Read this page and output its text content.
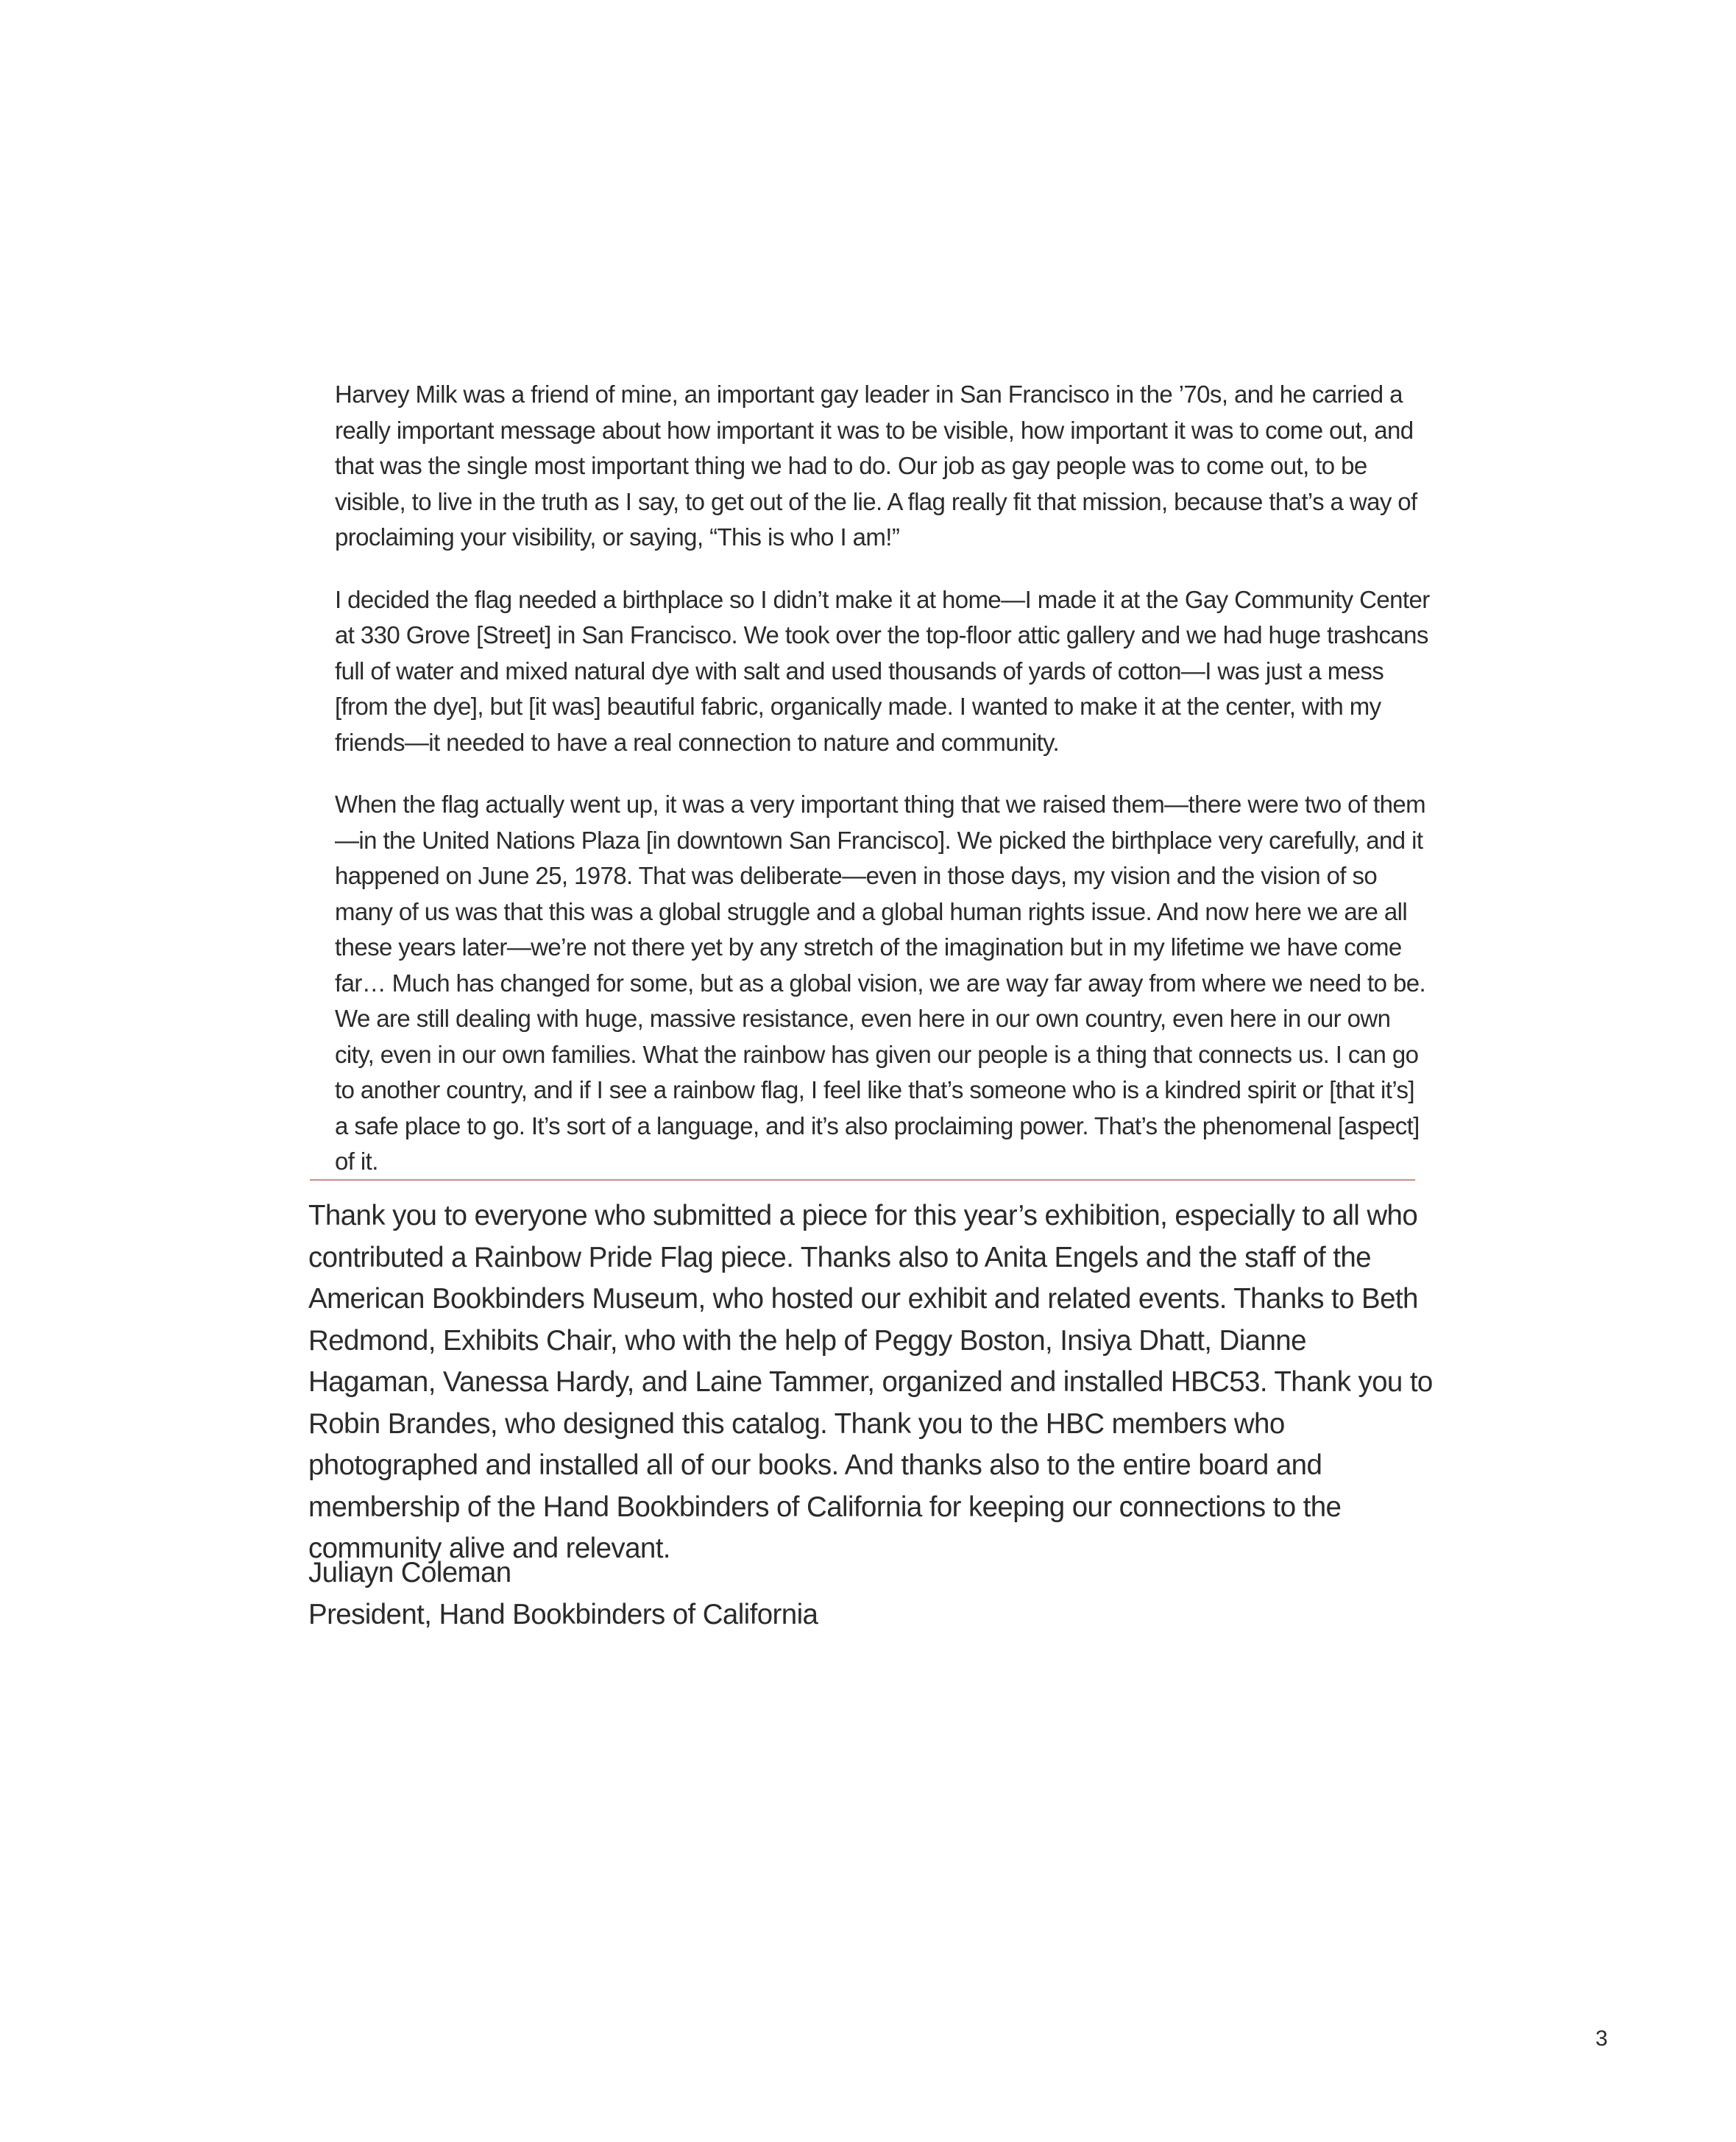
Harvey Milk was a friend of mine, an important gay leader in San Francisco in the ’70s, and he carried a really important message about how important it was to be visible, how important it was to come out, and that was the single most important thing we had to do. Our job as gay people was to come out, to be visible, to live in the truth as I say, to get out of the lie. A flag really fit that mission, because that’s a way of proclaiming your visibility, or saying, “This is who I am!”

I decided the flag needed a birthplace so I didn’t make it at home—I made it at the Gay Community Center at 330 Grove [Street] in San Francisco. We took over the top-floor attic gallery and we had huge trashcans full of water and mixed natural dye with salt and used thousands of yards of cotton—I was just a mess [from the dye], but [it was] beautiful fabric, organically made. I wanted to make it at the center, with my friends—it needed to have a real connection to nature and community.

When the flag actually went up, it was a very important thing that we raised them—there were two of them—in the United Nations Plaza [in downtown San Francisco]. We picked the birthplace very carefully, and it happened on June 25, 1978. That was deliberate—even in those days, my vision and the vision of so many of us was that this was a global struggle and a global human rights issue. And now here we are all these years later—we’re not there yet by any stretch of the imagination but in my lifetime we have come far… Much has changed for some, but as a global vision, we are way far away from where we need to be. We are still dealing with huge, massive resistance, even here in our own country, even here in our own city, even in our own families. What the rainbow has given our people is a thing that connects us. I can go to another country, and if I see a rainbow flag, I feel like that’s someone who is a kindred spirit or [that it’s] a safe place to go. It’s sort of a language, and it’s also proclaiming power. That’s the phenomenal [aspect] of it.

Thank you to everyone who submitted a piece for this year’s exhibition, especially to all who contributed a Rainbow Pride Flag piece. Thanks also to Anita Engels and the staff of the American Bookbinders Museum, who hosted our exhibit and related events. Thanks to Beth Redmond, Exhibits Chair, who with the help of Peggy Boston, Insiya Dhatt, Dianne Hagaman, Vanessa Hardy, and Laine Tammer, organized and installed HBC53. Thank you to Robin Brandes, who designed this catalog. Thank you to the HBC members who photographed and installed all of our books. And thanks also to the entire board and membership of the Hand Bookbinders of California for keeping our connections to the community alive and relevant.

Juliayn Coleman
President, Hand Bookbinders of California
3
